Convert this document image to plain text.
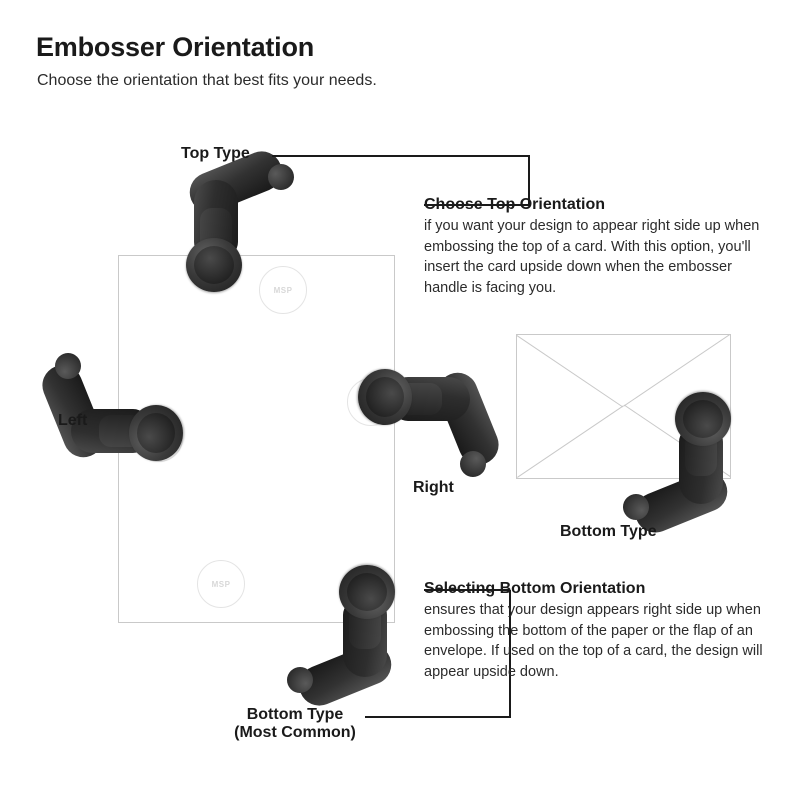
Embosser Orientation
Choose the orientation that best fits your needs.
MSP
MSP
Top Type
Left
Right
Bottom Type
Bottom Type
(Most Common)
Choose Top Orientation
if you want your design to appear right side up when embossing the top of a card. With this option, you'll insert the card upside down when the embosser handle is facing you.
Selecting Bottom Orientation
ensures that your design appears right side up when embossing the bottom of the paper or the flap of an envelope. If used on the top of a card, the design will appear upside down.
